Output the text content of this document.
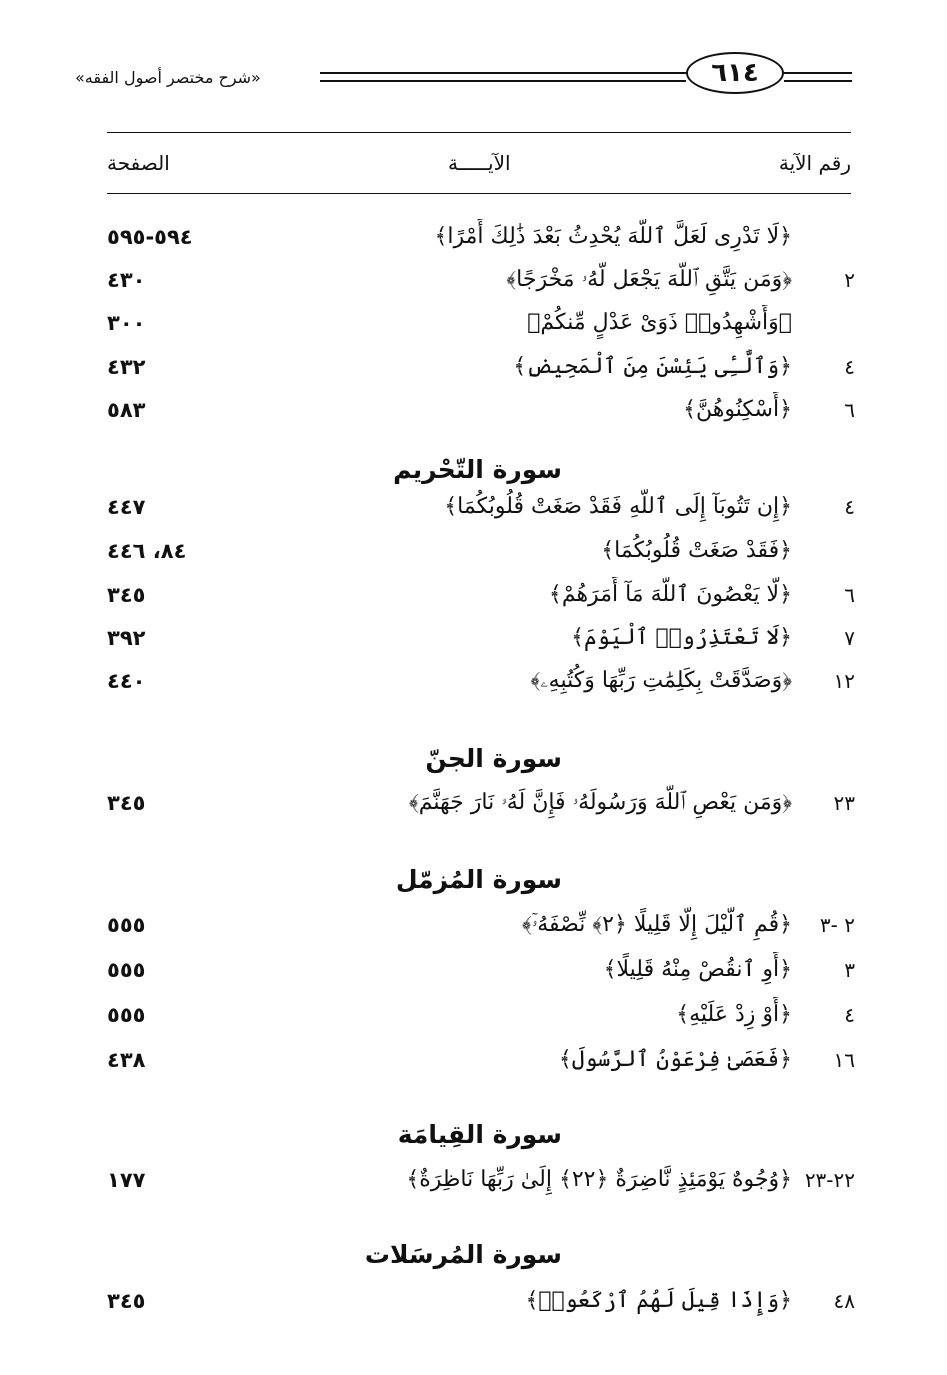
٦١٤
«شرح مختصر أصول الفقه»
رقم الآية
الآيـــــة
الصفحة
﴿لَا تَدْرِى لَعَلَّ ٱللَّهَ يُحْدِثُ بَعْدَ ذَٰلِكَ أَمْرًا﴾
٥٩٤-٥٩٥
٢
﴿وَمَن يَتَّقِ ٱللَّهَ يَجْعَل لَّهُۥ مَخْرَجًا﴾
٤٣٠
﴿وَأَشْهِدُوا۟ ذَوَىْ عَدْلٍ مِّنكُمْ﴾
٣٠٠
٤
﴿وَٱلَّٰٓـِٔى يَئِسْنَ مِنَ ٱلْمَحِيضِ﴾
٤٣٢
٦
﴿أَسْكِنُوهُنَّ﴾
٥٨٣
سورة التّحْريم
٤
﴿إِن تَتُوبَآ إِلَى ٱللَّهِ فَقَدْ صَغَتْ قُلُوبُكُمَا﴾
٤٤٧
﴿فَقَدْ صَغَتْ قُلُوبُكُمَا﴾
٨٤، ٤٤٦
٦
﴿لَّا يَعْصُونَ ٱللَّهَ مَآ أَمَرَهُمْ﴾
٣٤٥
٧
﴿لَا تَعْتَذِرُوا۟ ٱلْيَوْمَ﴾
٣٩٢
١٢
﴿وَصَدَّقَتْ بِكَلِمَٰتِ رَبِّهَا وَكُتُبِهِۦ﴾
٤٤٠
سورة الجنّ
٢٣
﴿وَمَن يَعْصِ ٱللَّهَ وَرَسُولَهُۥ فَإِنَّ لَهُۥ نَارَ جَهَنَّمَ﴾
٣٤٥
سورة المُزمّل
٢ -٣
﴿قُمِ ٱلَّيْلَ إِلَّا قَلِيلًا ﴿٢﴾ نِّصْفَهُۥٓ﴾
٥٥٥
٣
﴿أَوِ ٱنقُصْ مِنْهُ قَلِيلًا﴾
٥٥٥
٤
﴿أَوْ زِدْ عَلَيْهِ﴾
٥٥٥
١٦
﴿فَعَصَىٰ فِرْعَوْنُ ٱلرَّسُولَ﴾
٤٣٨
سورة القِيامَة
٢٢-٢٣
﴿وُجُوهٌ يَوْمَئِذٍ نَّاضِرَةٌ ﴿٢٢﴾ إِلَىٰ رَبِّهَا نَاظِرَةٌ﴾
١٧٧
سورة المُرسَلات
٤٨
﴿وَإِذَا قِيلَ لَهُمُ ٱرْكَعُوا۟﴾
٣٤٥
